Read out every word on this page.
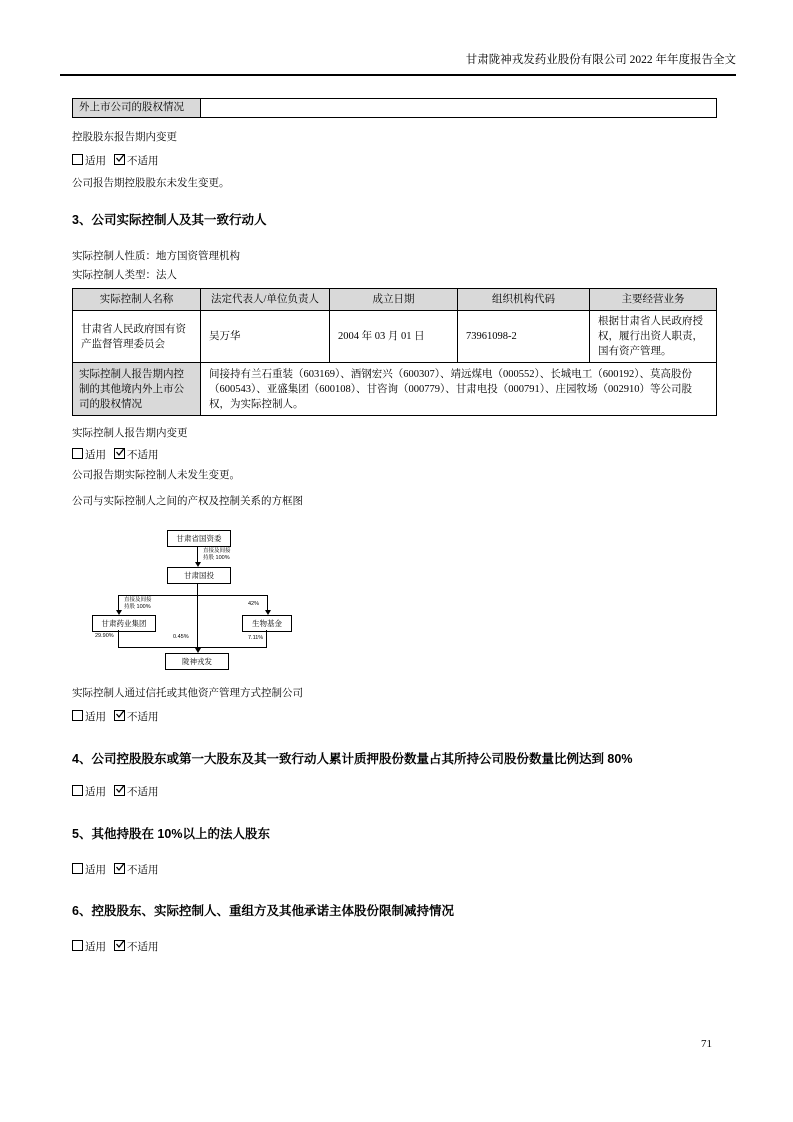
甘肃陇神戎发药业股份有限公司 2022 年年度报告全文
外上市公司的股权情况	

控股股东报告期内变更

适用 不适用

公司报告期控股股东未发生变更。

3、公司实际控制人及其一致行动人

实际控制人性质：地方国资管理机构

实际控制人类型：法人

实际控制人名称	法定代表人/单位负责人	成立日期	组织机构代码	主要经营业务
甘肃省人民政府国有资产监督管理委员会	吴万华	2004 年 03 月 01 日	73961098-2	根据甘肃省人民政府授权，履行出资人职责，国有资产管理。
实际控制人报告期内控制的其他境内外上市公司的股权情况	间接持有兰石重装（603169）、酒钢宏兴（600307）、靖远煤电（000552）、长城电工（600192）、莫高股份（600543）、亚盛集团（600108）、甘咨询（000779）、甘肃电投（000791）、庄园牧场（002910）等公司股权，为实际控制人。			

实际控制人报告期内变更

适用 不适用

公司报告期实际控制人未发生变更。

公司与实际控制人之间的产权及控制关系的方框图

甘肃省国资委
直接及间接
持股 100%
甘肃国投
直接及间接
持股 100%	42%
甘肃药业集团	生物基金
29.90%	0.45%	7.11%
陇神戎发

实际控制人通过信托或其他资产管理方式控制公司

适用 不适用

4、公司控股股东或第一大股东及其一致行动人累计质押股份数量占其所持公司股份数量比例达到 80%

适用 不适用

5、其他持股在 10%以上的法人股东

适用 不适用

6、控股股东、实际控制人、重组方及其他承诺主体股份限制减持情况

适用 不适用

71
